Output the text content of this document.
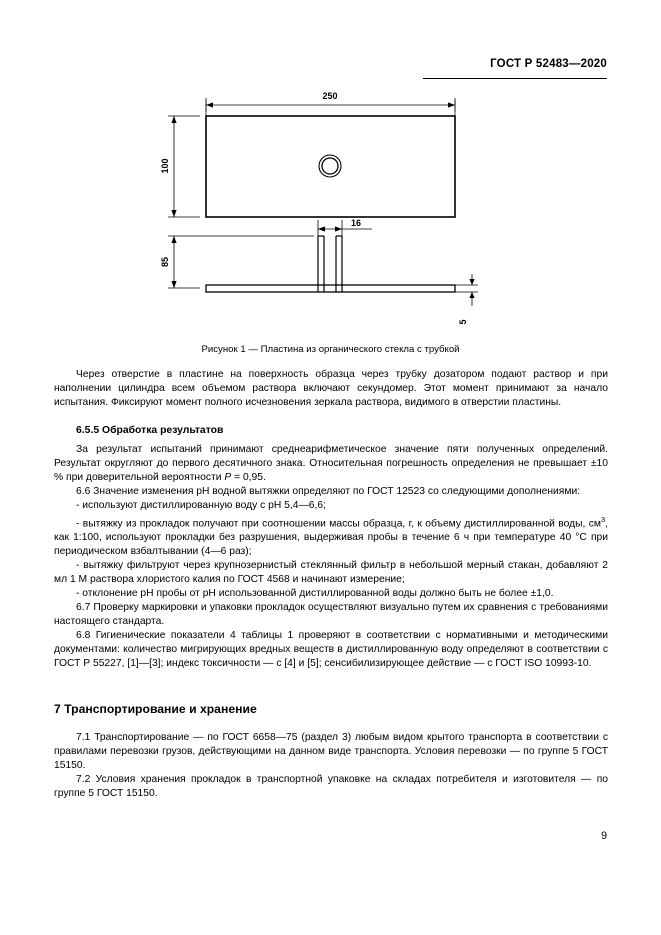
ГОСТ Р 52483—2020
250
100
16
85
5
Рисунок 1 — Пластина из органического стекла с трубкой

Через отверстие в пластине на поверхность образца через трубку дозатором подают раствор и при наполнении цилиндра всем объемом раствора включают секундомер. Этот момент принимают за начало испытания. Фиксируют момент полного исчезновения зеркала раствора, видимого в отверстии пластины.

6.5.5 Обработка результатов

За результат испытаний принимают среднеарифметическое значение пяти полученных определений. Результат округляют до первого десятичного знака. Относительная погрешность определения не превышает ±10 % при доверительной вероятности P = 0,95.

6.6 Значение изменения рН водной вытяжки определяют по ГОСТ 12523 со следующими дополнениями:

- используют дистиллированную воду с рН 5,4—6,6;

- вытяжку из прокладок получают при соотношении массы образца, г, к объему дистиллированной воды, $см^3$, как 1:100, используют прокладки без разрушения, выдерживая пробы в течение 6 ч при температуре 40 °С при периодическом взбалтывании (4—6 раз);

- вытяжку фильтруют через крупнозернистый стеклянный фильтр в небольшой мерный стакан, добавляют 2 мл 1 М раствора хлористого калия по ГОСТ 4568 и начинают измерение;

- отклонение рН пробы от рН использованной дистиллированной воды должно быть не более ±1,0.

6.7 Проверку маркировки и упаковки прокладок осуществляют визуально путем их сравнения с требованиями настоящего стандарта.

6.8 Гигиенические показатели 4 таблицы 1 проверяют в соответствии с нормативными и методическими документами: количество мигрирующих вредных веществ в дистиллированную воду определяют в соответствии с ГОСТ Р 55227, [1]—[3]; индекс токсичности — с [4] и [5]; сенсибилизирующее действие — с ГОСТ ISO 10993-10.

7 Транспортирование и хранение

7.1 Транспортирование — по ГОСТ 6658—75 (раздел 3) любым видом крытого транспорта в соответствии с правилами перевозки грузов, действующими на данном виде транспорта. Условия перевозки — по группе 5 ГОСТ 15150.

7.2 Условия хранения прокладок в транспортной упаковке на складах потребителя и изготовителя — по группе 5 ГОСТ 15150.

9
